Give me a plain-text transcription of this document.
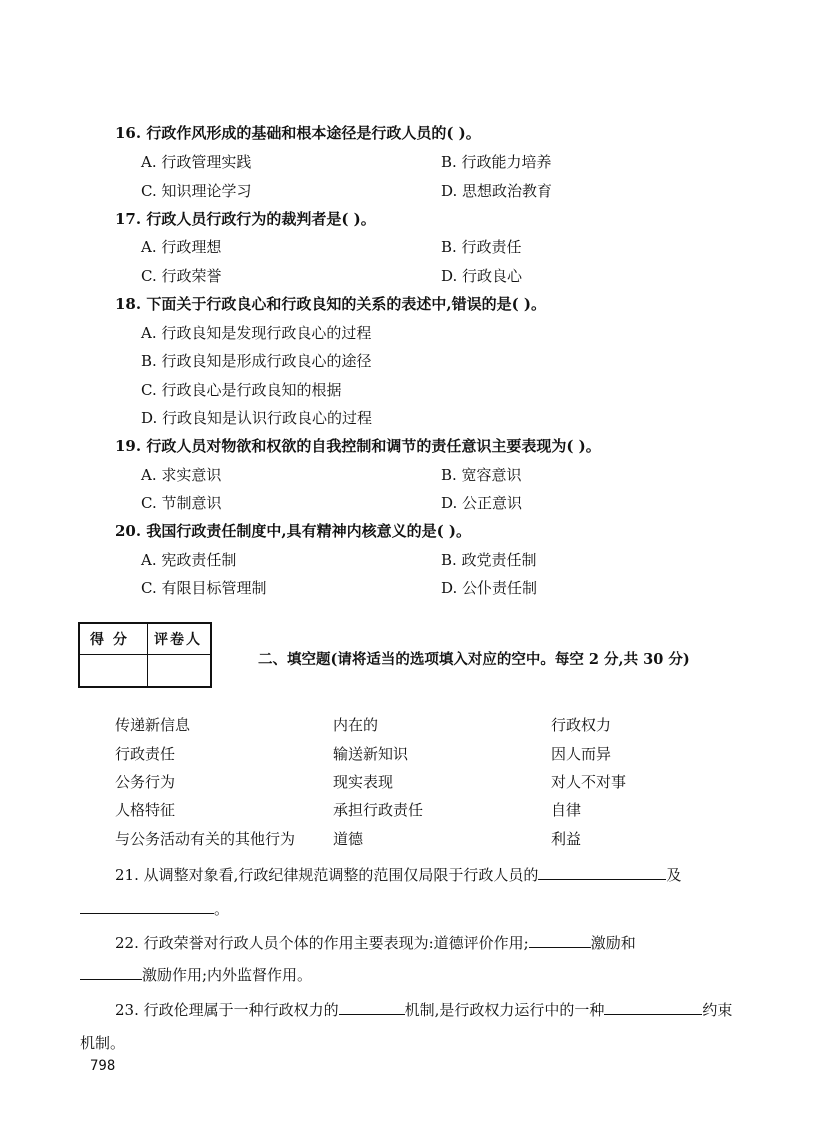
16. 行政作风形成的基础和根本途径是行政人员的( )。
A. 行政管理实践	B. 行政能力培养
C. 知识理论学习	D. 思想政治教育
17. 行政人员行政行为的裁判者是( )。
A. 行政理想	B. 行政责任
C. 行政荣誉	D. 行政良心
18. 下面关于行政良心和行政良知的关系的表述中,错误的是( )。
A. 行政良知是发现行政良心的过程
B. 行政良知是形成行政良心的途径
C. 行政良心是行政良知的根据
D. 行政良知是认识行政良心的过程
19. 行政人员对物欲和权欲的自我控制和调节的责任意识主要表现为( )。
A. 求实意识	B. 宽容意识
C. 节制意识	D. 公正意识
20. 我国行政责任制度中,具有精神内核意义的是( )。
A. 宪政责任制	B. 政党责任制
C. 有限目标管理制	D. 公仆责任制
得 分 评卷人
二、填空题(请将适当的选项填入对应的空中。每空 2 分,共 30 分)
传递新信息	内在的	行政权力
行政责任	输送新知识	因人而异
公务行为	现实表现	对人不对事
人格特征	承担行政责任	自律
与公务活动有关的其他行为	道德	利益
21. 从调整对象看,行政纪律规范调整的范围仅局限于行政人员的	及
。
22. 行政荣誉对行政人员个体的作用主要表现为:道德评价作用;	激励和
激励作用;内外监督作用。
23. 行政伦理属于一种行政权力的	机制,是行政权力运行中的一种	约束
机制。
798
